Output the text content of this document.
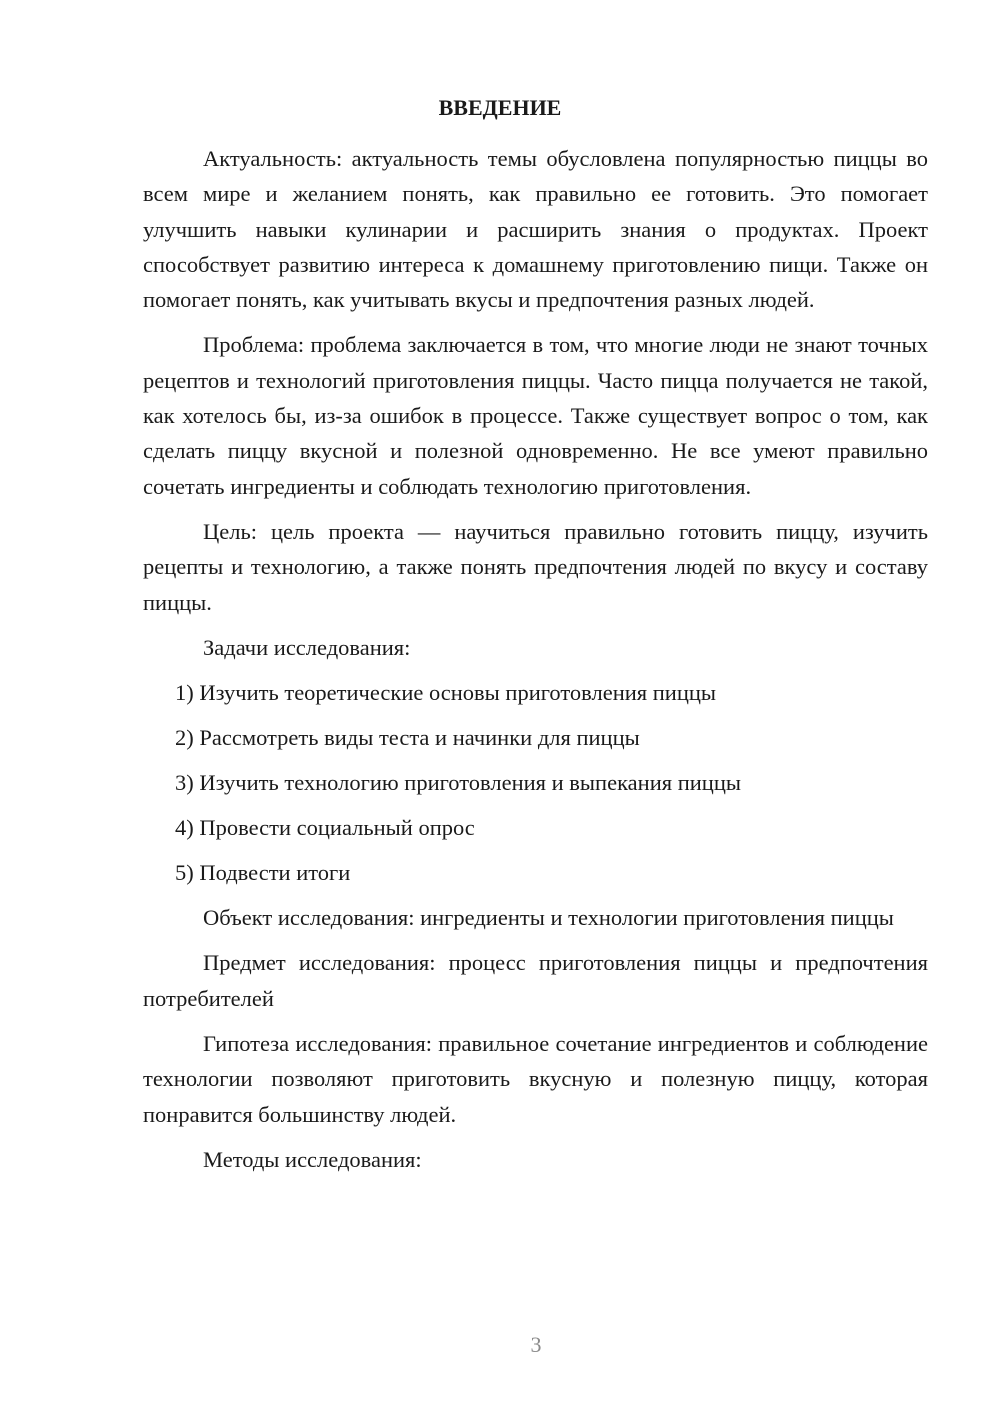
ВВЕДЕНИЕ

Актуальность: актуальность темы обусловлена популярностью пиццы во всем мире и желанием понять, как правильно ее готовить. Это помогает улучшить навыки кулинарии и расширить знания о продуктах. Проект способствует развитию интереса к домашнему приготовлению пищи. Также он помогает понять, как учитывать вкусы и предпочтения разных людей.

Проблема: проблема заключается в том, что многие люди не знают точных рецептов и технологий приготовления пиццы. Часто пицца получается не такой, как хотелось бы, из-за ошибок в процессе. Также существует вопрос о том, как сделать пиццу вкусной и полезной одновременно. Не все умеют правильно сочетать ингредиенты и соблюдать технологию приготовления.

Цель: цель проекта — научиться правильно готовить пиццу, изучить рецепты и технологию, а также понять предпочтения людей по вкусу и составу пиццы.

Задачи исследования:

1) Изучить теоретические основы приготовления пиццы
2) Рассмотреть виды теста и начинки для пиццы
3) Изучить технологию приготовления и выпекания пиццы
4) Провести социальный опрос
5) Подвести итоги

Объект исследования: ингредиенты и технологии приготовления пиццы

Предмет исследования: процесс приготовления пиццы и предпочтения потребителей

Гипотеза исследования: правильное сочетание ингредиентов и соблюдение технологии позволяют приготовить вкусную и полезную пиццу, которая понравится большинству людей.

Методы исследования:

3
